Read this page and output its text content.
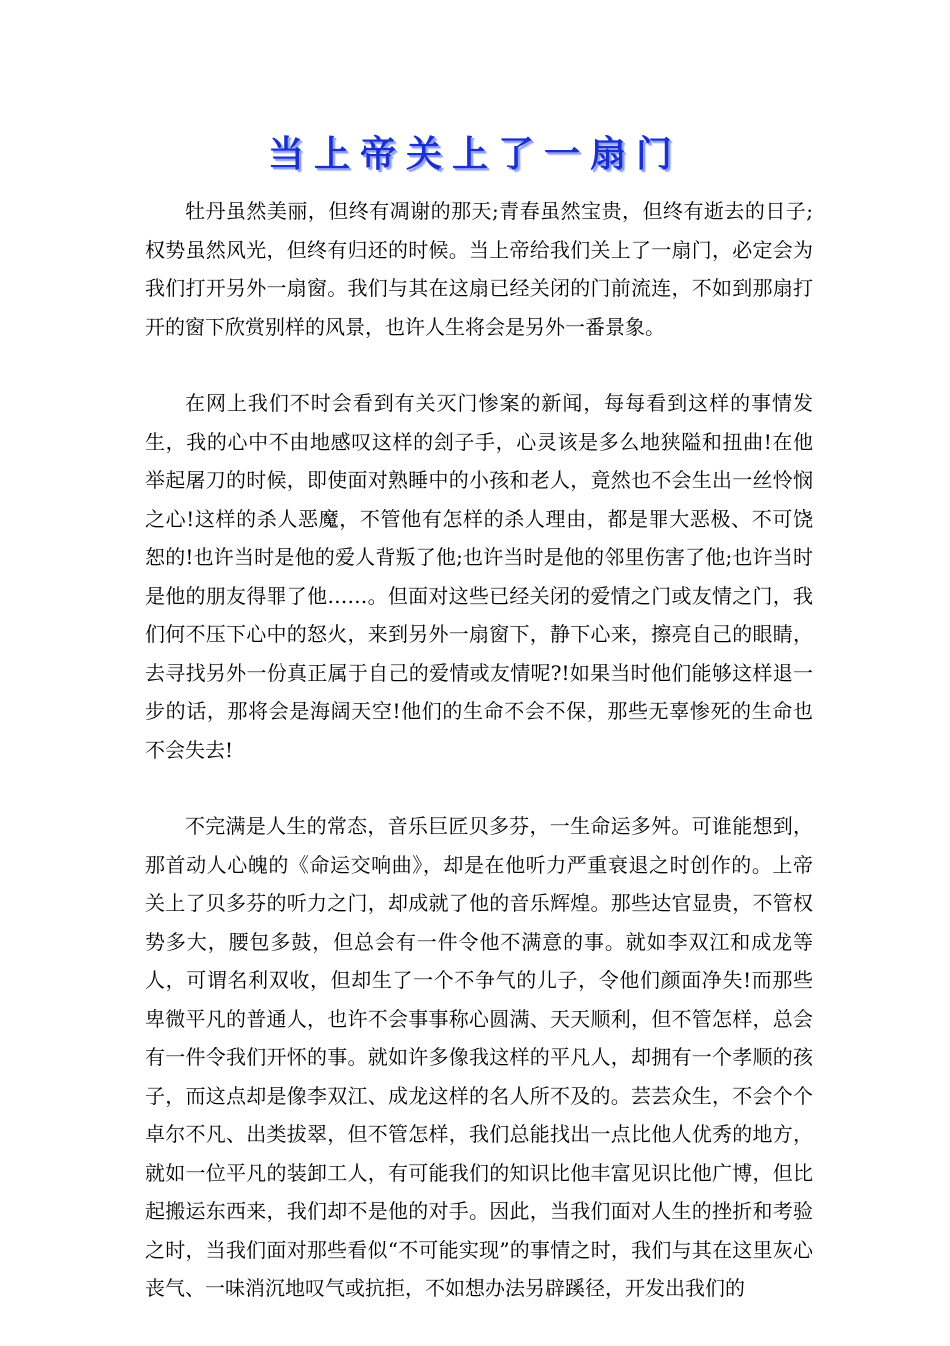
当上帝关上了一扇门

牡丹虽然美丽，但终有凋谢的那天;青春虽然宝贵，但终有逝去的日子;权势虽然风光，但终有归还的时候。当上帝给我们关上了一扇门，必定会为我们打开另外一扇窗。我们与其在这扇已经关闭的门前流连，不如到那扇打开的窗下欣赏别样的风景，也许人生将会是另外一番景象。

在网上我们不时会看到有关灭门惨案的新闻，每每看到这样的事情发生，我的心中不由地感叹这样的刽子手，心灵该是多么地狭隘和扭曲!在他举起屠刀的时候，即使面对熟睡中的小孩和老人，竟然也不会生出一丝怜悯之心!这样的杀人恶魔，不管他有怎样的杀人理由，都是罪大恶极、不可饶恕的!也许当时是他的爱人背叛了他;也许当时是他的邻里伤害了他;也许当时是他的朋友得罪了他……。但面对这些已经关闭的爱情之门或友情之门，我们何不压下心中的怒火，来到另外一扇窗下，静下心来，擦亮自己的眼睛，去寻找另外一份真正属于自己的爱情或友情呢?!如果当时他们能够这样退一步的话，那将会是海阔天空!他们的生命不会不保，那些无辜惨死的生命也不会失去!

不完满是人生的常态，音乐巨匠贝多芬，一生命运多舛。可谁能想到，那首动人心魄的《命运交响曲》，却是在他听力严重衰退之时创作的。上帝关上了贝多芬的听力之门，却成就了他的音乐辉煌。那些达官显贵，不管权势多大，腰包多鼓，但总会有一件令他不满意的事。就如李双江和成龙等人，可谓名利双收，但却生了一个不争气的儿子，令他们颜面净失!而那些卑微平凡的普通人，也许不会事事称心圆满、天天顺利，但不管怎样，总会有一件令我们开怀的事。就如许多像我这样的平凡人，却拥有一个孝顺的孩子，而这点却是像李双江、成龙这样的名人所不及的。芸芸众生，不会个个卓尔不凡、出类拔翠，但不管怎样，我们总能找出一点比他人优秀的地方，就如一位平凡的装卸工人，有可能我们的知识比他丰富见识比他广博，但比起搬运东西来，我们却不是他的对手。因此，当我们面对人生的挫折和考验之时，当我们面对那些看似“不可能实现”的事情之时，我们与其在这里灰心丧气、一味消沉地叹气或抗拒，不如想办法另辟蹊径，开发出我们的
